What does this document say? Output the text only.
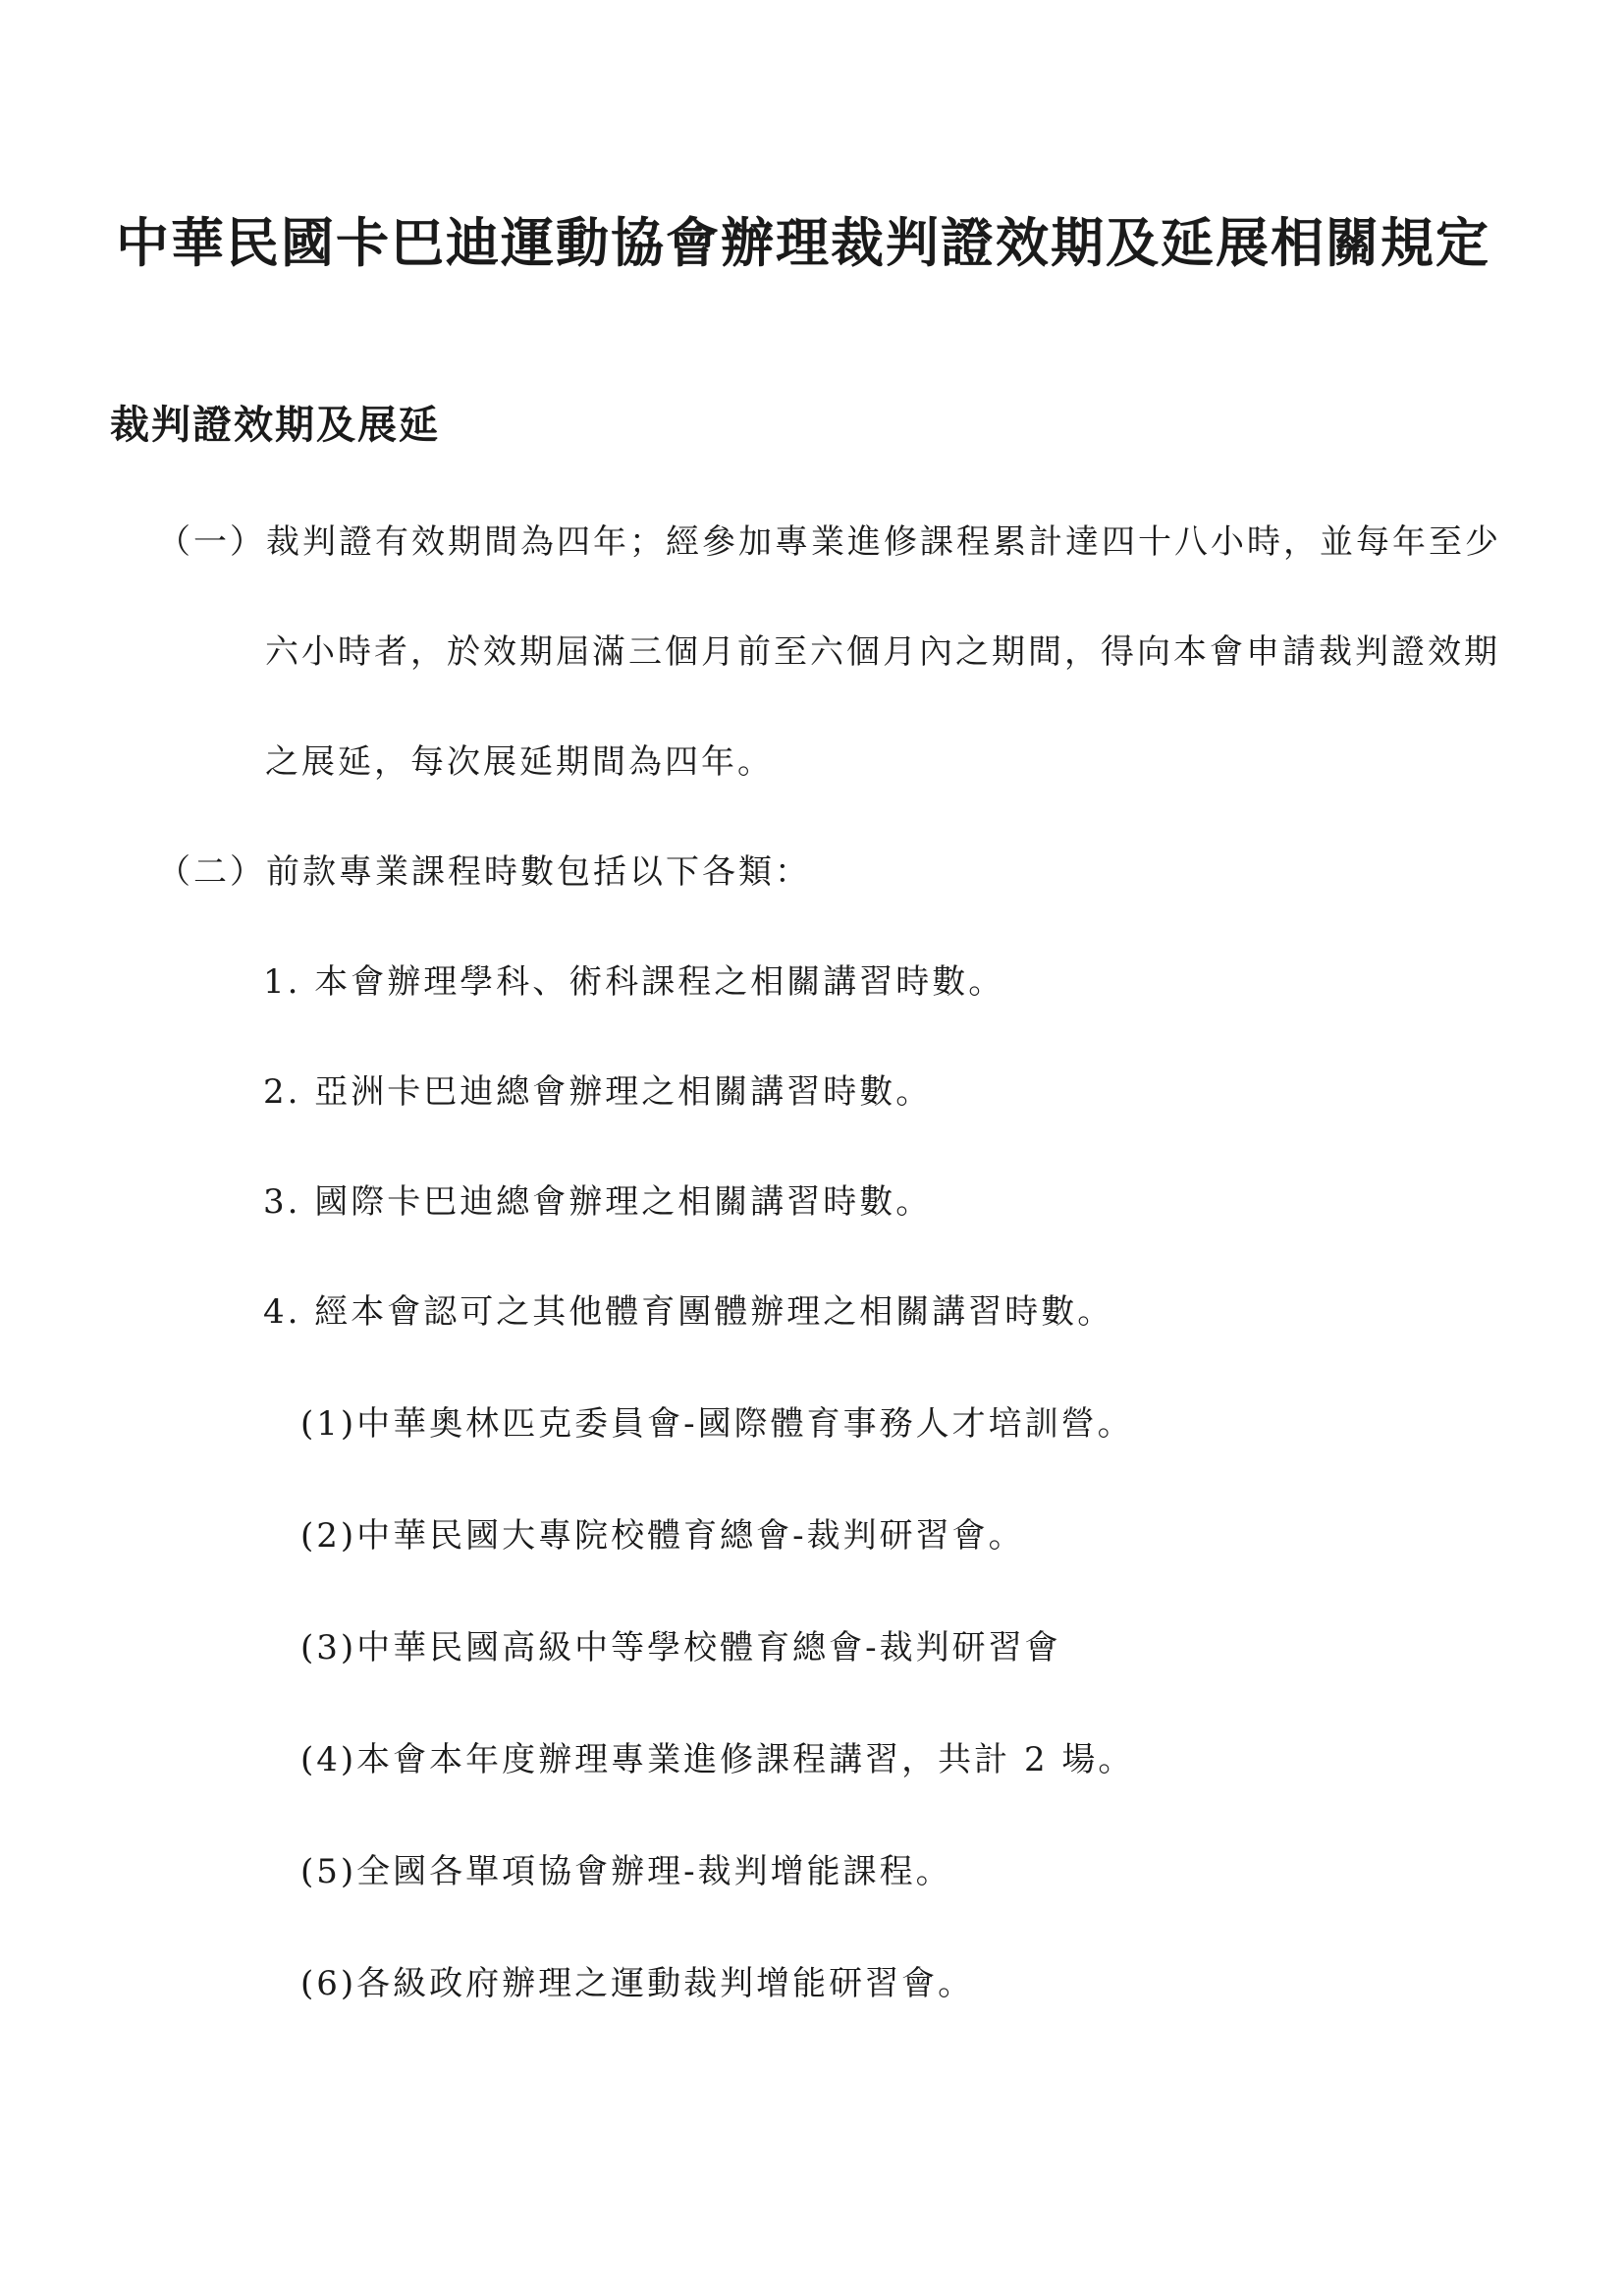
中華民國卡巴迪運動協會辦理裁判證效期及延展相關規定
裁判證效期及展延
（一）裁判證有效期間為四年；經參加專業進修課程累計達四十八小時，並每年至少
六小時者，於效期屆滿三個月前至六個月內之期間，得向本會申請裁判證效期
之展延，每次展延期間為四年。
（二）前款專業課程時數包括以下各類：
1. 本會辦理學科、術科課程之相關講習時數。
2. 亞洲卡巴迪總會辦理之相關講習時數。
3. 國際卡巴迪總會辦理之相關講習時數。
4. 經本會認可之其他體育團體辦理之相關講習時數。
(1)中華奧林匹克委員會-國際體育事務人才培訓營。
(2)中華民國大專院校體育總會-裁判研習會。
(3)中華民國高級中等學校體育總會-裁判研習會
(4)本會本年度辦理專業進修課程講習，共計 2 場。
(5)全國各單項協會辦理-裁判增能課程。
(6)各級政府辦理之運動裁判增能研習會。
